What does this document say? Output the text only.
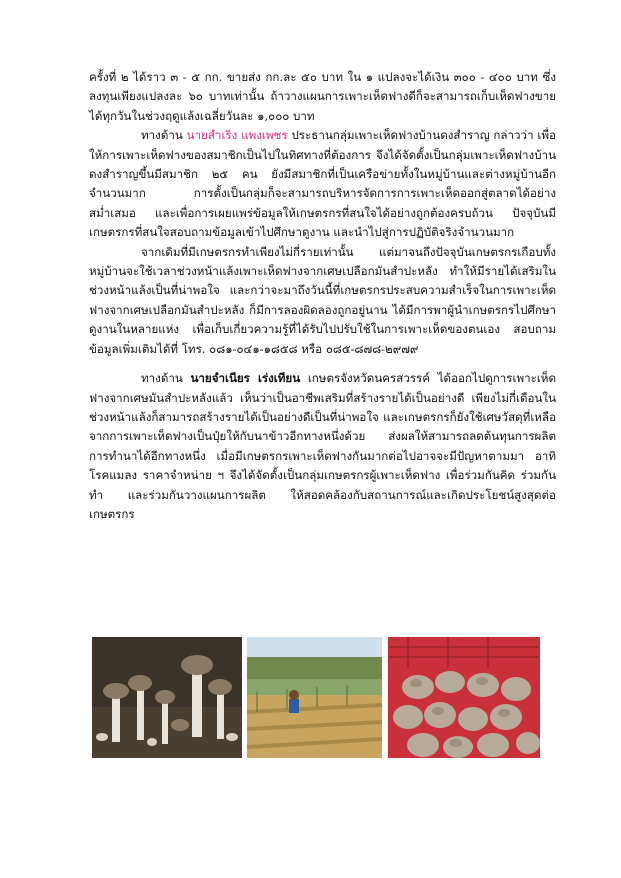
ครั้งที่ ๒ ได้ราว ๓ - ๕ กก. ขายส่ง กก.ละ ๕๐ บาท ใน ๑ แปลงจะได้เงิน ๓๐๐ - ๔๐๐ บาท ซึ่งลงทุนเพียงแปลงละ ๖๐ บาทเท่านั้น ถ้าวางแผนการเพาะเห็ดฟางดีก็จะสามารถเก็บเห็ดฟางขายได้ทุกวันในช่วงฤดูแล้งเฉลี่ยวันละ ๑,๐๐๐ บาท

ทางด้าน นายสำเริง แพงเพชร ประธานกลุ่มเพาะเห็ดฟางบ้านดงสำราญ กล่าวว่า เพื่อให้การเพาะเห็ดฟางของสมาชิกเป็นไปในทิศทางที่ต้องการ จึงได้จัดตั้งเป็นกลุ่มเพาะเห็ดฟางบ้านดงสำราญขึ้นมีสมาชิก ๒๕ คน ยังมีสมาชิกที่เป็นเครือข่ายทั้งในหมู่บ้านและต่างหมู่บ้านอีกจำนวนมาก การตั้งเป็นกลุ่มก็จะสามารถบริหารจัดการการเพาะเห็ดออกสู่ตลาดได้อย่างสม่ำเสมอ และเพื่อการเผยแพร่ข้อมูลให้เกษตรกรที่สนใจได้อย่างถูกต้องครบถ้วน ปัจจุบันมีเกษตรกรที่สนใจสอบถามข้อมูลเข้าไปศึกษาดูงาน และนำไปสู่การปฏิบัติจริงจำนวนมาก

จากเดิมที่มีเกษตรกรทำเพียงไม่กี่รายเท่านั้น แต่มาจนถึงปัจจุบันเกษตรกรเกือบทั้งหมู่บ้านจะใช้เวลาช่วงหน้าแล้งเพาะเห็ดฟางจากเศษเปลือกมันสำปะหลัง ทำให้มีรายได้เสริมในช่วงหน้าแล้งเป็นที่น่าพอใจ และกว่าจะมาถึงวันนี้ที่เกษตรกรประสบความสำเร็จในการเพาะเห็ดฟางจากเศษเปลือกมันสำปะหลัง ก็มีการลองผิดลองถูกอยู่นาน ได้มีการพาผู้นำเกษตรกรไปศึกษาดูงานในหลายแห่ง เพื่อเก็บเกี่ยวความรู้ที่ได้รับไปปรับใช้ในการเพาะเห็ดของตนเอง สอบถามข้อมูลเพิ่มเติมได้ที่ โทร. ๐๘๑-๐๔๑-๑๘๕๘ หรือ ๐๘๕-๘๗๘-๒๙๗๙

ทางด้าน นายจำเนียร เร่งเทียน เกษตรจังหวัดนครสวรรค์ ได้ออกไปดูการเพาะเห็ดฟางจากเศษมันสำปะหลังแล้ว เห็นว่าเป็นอาชีพเสริมที่สร้างรายได้เป็นอย่างดี เพียงไม่กี่เดือนในช่วงหน้าแล้งก็สามารถสร้างรายได้เป็นอย่างดีเป็นที่น่าพอใจ และเกษตรกรก็ยังใช้เศษวัสดุที่เหลือจากการเพาะเห็ดฟางเป็นปุ๋ยให้กับนาข้าวอีกทางหนึ่งด้วย ส่งผลให้สามารถลดต้นทุนการผลิตการทำนาได้อีกทางหนึ่ง เมื่อมีเกษตรกรเพาะเห็ดฟางกันมากต่อไปอาจจะมีปัญหาตามมา อาทิ โรคแมลง ราคาจำหน่าย ฯ จึงได้จัดตั้งเป็นกลุ่มเกษตรกรผู้เพาะเห็ดฟาง เพื่อร่วมกันคิด ร่วมกันทำ และร่วมกันวางแผนการผลิต ให้สอดคล้องกับสถานการณ์และเกิดประโยชน์สูงสุดต่อเกษตรกร
